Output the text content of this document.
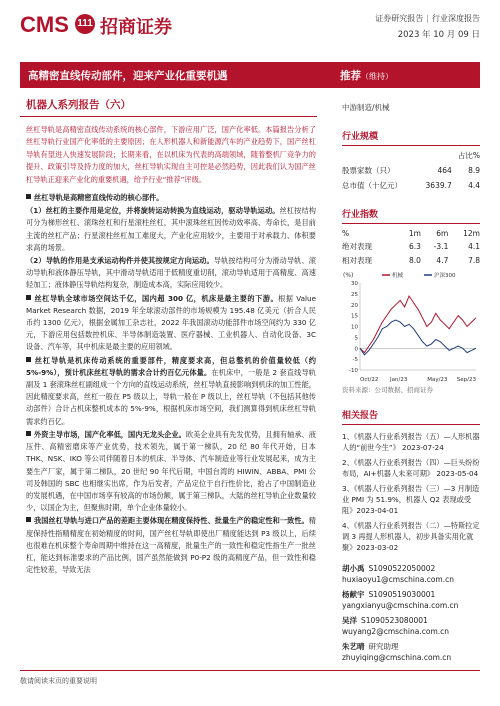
CMS 111 招商证券	证券研究报告 | 行业深度报告
2023 年 10 月 09 日
高精密直线传动部件，迎来产业化重要机遇	推荐（维持）
机器人系列报告（六）

丝杠导轨是高精密直线传动系统的核心部件，下游应用广泛，国产化率低。本篇报告分析了丝杠导轨行业国产化率低的主要原因；在人形机器人和新能源汽车的产业趋势下，国产丝杠导轨有望进入快速发展阶段；长期来看，在以机床为代表的高端领域，随着整机厂竞争力的提升、政策引导及持力度的加大，丝杠导轨实现自主可控是必然趋势，因此我们认为国产丝杠导轨正迎来产业化的重要机遇，给予行业“推荐”评级。

丝杠导轨是高精密直线传动的核心部件。

（1）丝杠的主要作用是定位，并将旋转运动转换为直线运动，驱动导轨运动。丝杠按结构可分为梯形丝杠、滚珠丝杠和行星滚柱丝杠，其中滚珠丝杠因传动效率高、寿命长，是目前主流的丝杠产品；行星滚柱丝杠加工难度大，产业化应用较少，主要用于对承载力、体积要求高的场景。

（2）导轨的作用是支承运动构件并使其按规定方向运动。导轨按结构可分为滑动导轨、滚动导轨和液体静压导轨，其中滑动导轨适用于低精度重切削，滚动导轨适用于高精度、高速轻加工；液体静压导轨结构复杂，制造成本高，实际应用较少。

丝杠导轨全球市场空间达千亿，国内超 300 亿，机床是最主要的下游。根据 Value Market Research 数据，2019 年全球滚动部件的市场规模为 195.48 亿美元（折合人民币约 1300 亿元），根据金属加工杂志社，2022 年我国滚动功能部件市场空间约为 330 亿元，下游应用包括数控机床、半导体制造装置、医疗器械、工业机器人、自动化设备、3C 设备、汽车等，其中机床是最主要的应用领域。

丝杠导轨是机床传动系统的重要部件，精度要求高，但总整机的价值量较低（约 5%-9%），预计机床丝杠导轨的需求合计约百亿元体量。在机床中，一般是 2 套直线导轨副及 1 套滚珠丝杠副组成一个方向的直线运动系统，丝杠导轨直接影响到机床的加工性能，因此精度要求高，丝杠一般在 P5 级以上，导轨一般在 P 级以上，丝杠导轨（不包括其他传动部件）合计占机床整机成本的 5%-9%，根据机床市场空间，我们测算得到机床丝杠导轨需求约百亿。

外资主导市场，国产化率低，国内无龙头企业。欧美企业具有先发优势，且拥有轴承、液压件、高精密磨床等产业优势，技术领先，属于第一梯队，20 纪 80 年代开始，日本 THK、NSK、IKO 等公司伴随着日本的机床、半导体、汽车制造业等行业发展起来，成为主要生产厂家，属于第二梯队，20 世纪 90 年代后期，中国台湾的 HIWIN、ABBA、PMI 公司及韩国的 SBC 也相继实出席，作为后发者，产品定位于自行性价比，抢占了中国制造业的发展机遇，在中国市场享有较高的市场份额，属于第三梯队，大陆的丝杠导轨企业数量较少，以国企为主，但聚焦时期，单个企业体量较小。

我国丝杠导轨与进口产品的差距主要体现在精度保持性、批量生产的稳定性和一致性。精度保持性指精精度在初始精度的时间，国产丝杠导轨即使出厂精度能达到 P3 级以上，后续也很难在机床整个寿命周期中维持在这一高精度，批量生产的一致性和稳定性指生产一批丝杠，能达到标准要求的产品比例，国产虽然能做到 P0-P2 级的高精度产品，但一致性和稳定性较差，导致无法

中游制造/机械
行业规模
		占比%
股票家数（只）	464	8.9
总市值（十亿元）	3639.7	4.4
行业指数
%	1m	6m	12m
绝对表现	6.3	-3.1	4.1
相对表现	8.0	4.7	7.8
(%)
-10
-5
0
5
10
15
20
25
30
Oct/22 Jan/23	May/23 Sep/23
机械	沪深300
资料来源：公司数据、招商证券
相关报告
1、《机器人行业系列报告（五）—人形机器人的“前世今生”》 2023-07-24
2、《机器人行业系列报告（四）—巨头纷纷布局，AI+机器人未来可期》 2023-05-04
3、《机器人行业系列报告（三）—3 月制造业 PMI 为 51.9%，机器人 Q2 表现或受阻》2023-04-01
4、《机器人行业系列报告（二）—特斯拉定调 3 再提人形机器人，初步具备实用化就聚》2023-03-02
胡小禹 S1090522050002
huxiaoyu1@cmschina.com.cn
杨献宇 S1090519030001
yangxianyu@cmschina.com.cn
吴洋 S1090523080001
wuyang2@cmschina.com.cn
朱艺晴 研究助理
zhuyiqing@cmschina.com.cn
敬请阅读末页的重要说明
